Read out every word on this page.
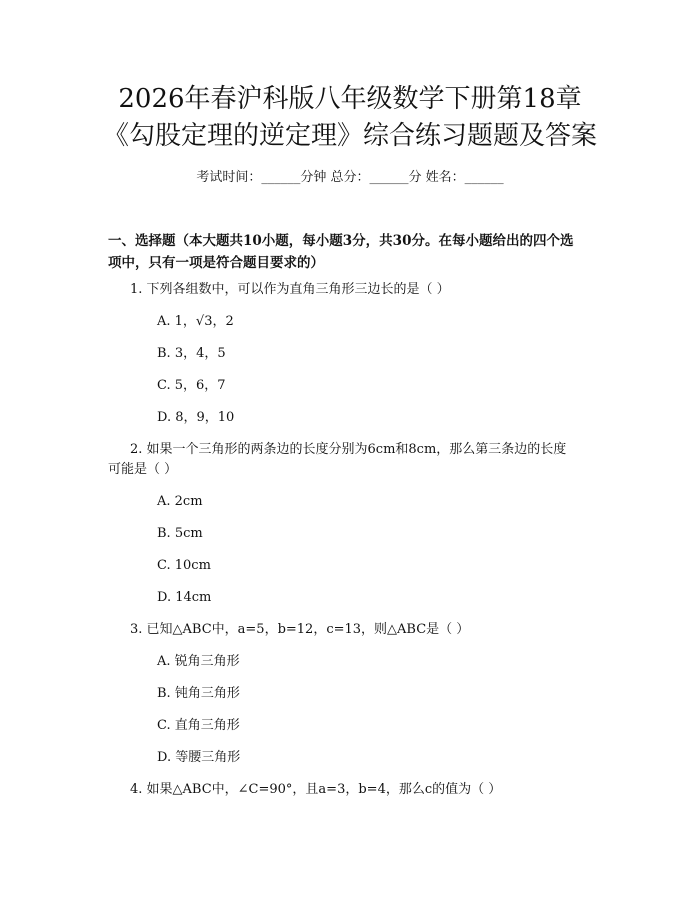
2026年春沪科版八年级数学下册第18章
《勾股定理的逆定理》综合练习题题及答案
考试时间：______分钟 总分：______分 姓名：______
一、选择题（本大题共10小题，每小题3分，共30分。在每小题给出的四个选
项中，只有一项是符合题目要求的）
1. 下列各组数中，可以作为直角三角形三边长的是（ ）
A. 1，√3，2
B. 3，4，5
C. 5，6，7
D. 8，9，10
2. 如果一个三角形的两条边的长度分别为6cm和8cm，那么第三条边的长度
可能是（ ）
A. 2cm
B. 5cm
C. 10cm
D. 14cm
3. 已知△ABC中，a=5，b=12，c=13，则△ABC是（ ）
A. 锐角三角形
B. 钝角三角形
C. 直角三角形
D. 等腰三角形
4. 如果△ABC中，∠C=90°，且a=3，b=4，那么c的值为（ ）
